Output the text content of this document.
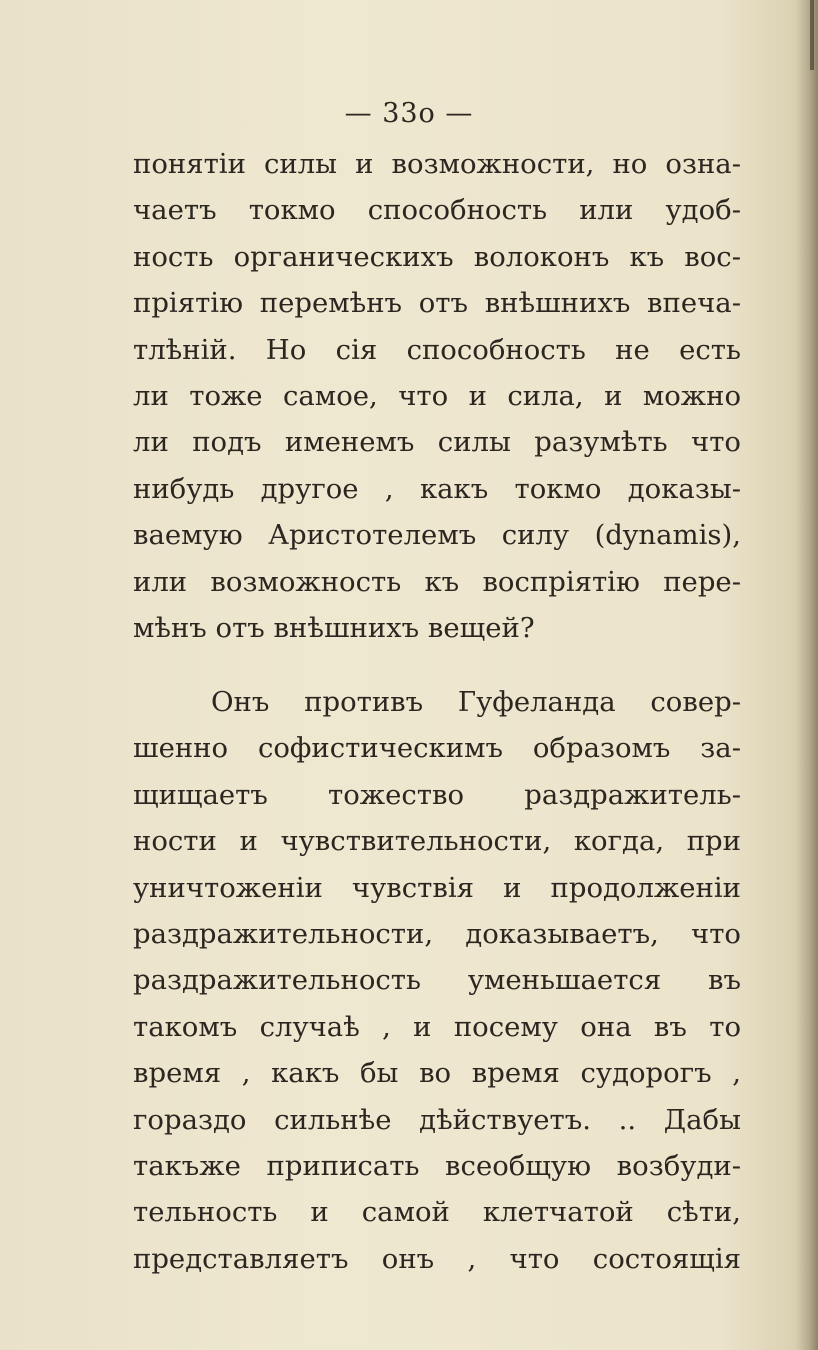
— 33о —
понятіи силы и возможности, но озна-
чаетъ токмо способность или удоб-
ность органическихъ волоконъ къ вос-
пріятію перемѣнъ отъ внѣшнихъ впеча-
тлѣній. Но сія способность не есть
ли тоже самое, что и сила, и можно
ли подъ именемъ силы разумѣть что
нибудь другое , какъ токмо доказы-
ваемую Аристотелемъ силу (dynamis),
или возможность къ воспріятію пере-
мѣнъ отъ внѣшнихъ вещей?
Онъ противъ Гуфеланда совер-
шенно софистическимъ образомъ за-
щищаетъ тожество раздражитель-
ности и чувствительности, когда, при
уничтоженіи чувствія и продолженіи
раздражительности, доказываетъ, что
раздражительность уменьшается въ
такомъ случаѣ , и посему она въ то
время , какъ бы во время судорогъ ,
гораздо сильнѣе дѣйствуетъ. .. Дабы
такъже приписать всеобщую возбуди-
тельность и самой клетчатой сѣти,
представляетъ онъ , что состоящія
